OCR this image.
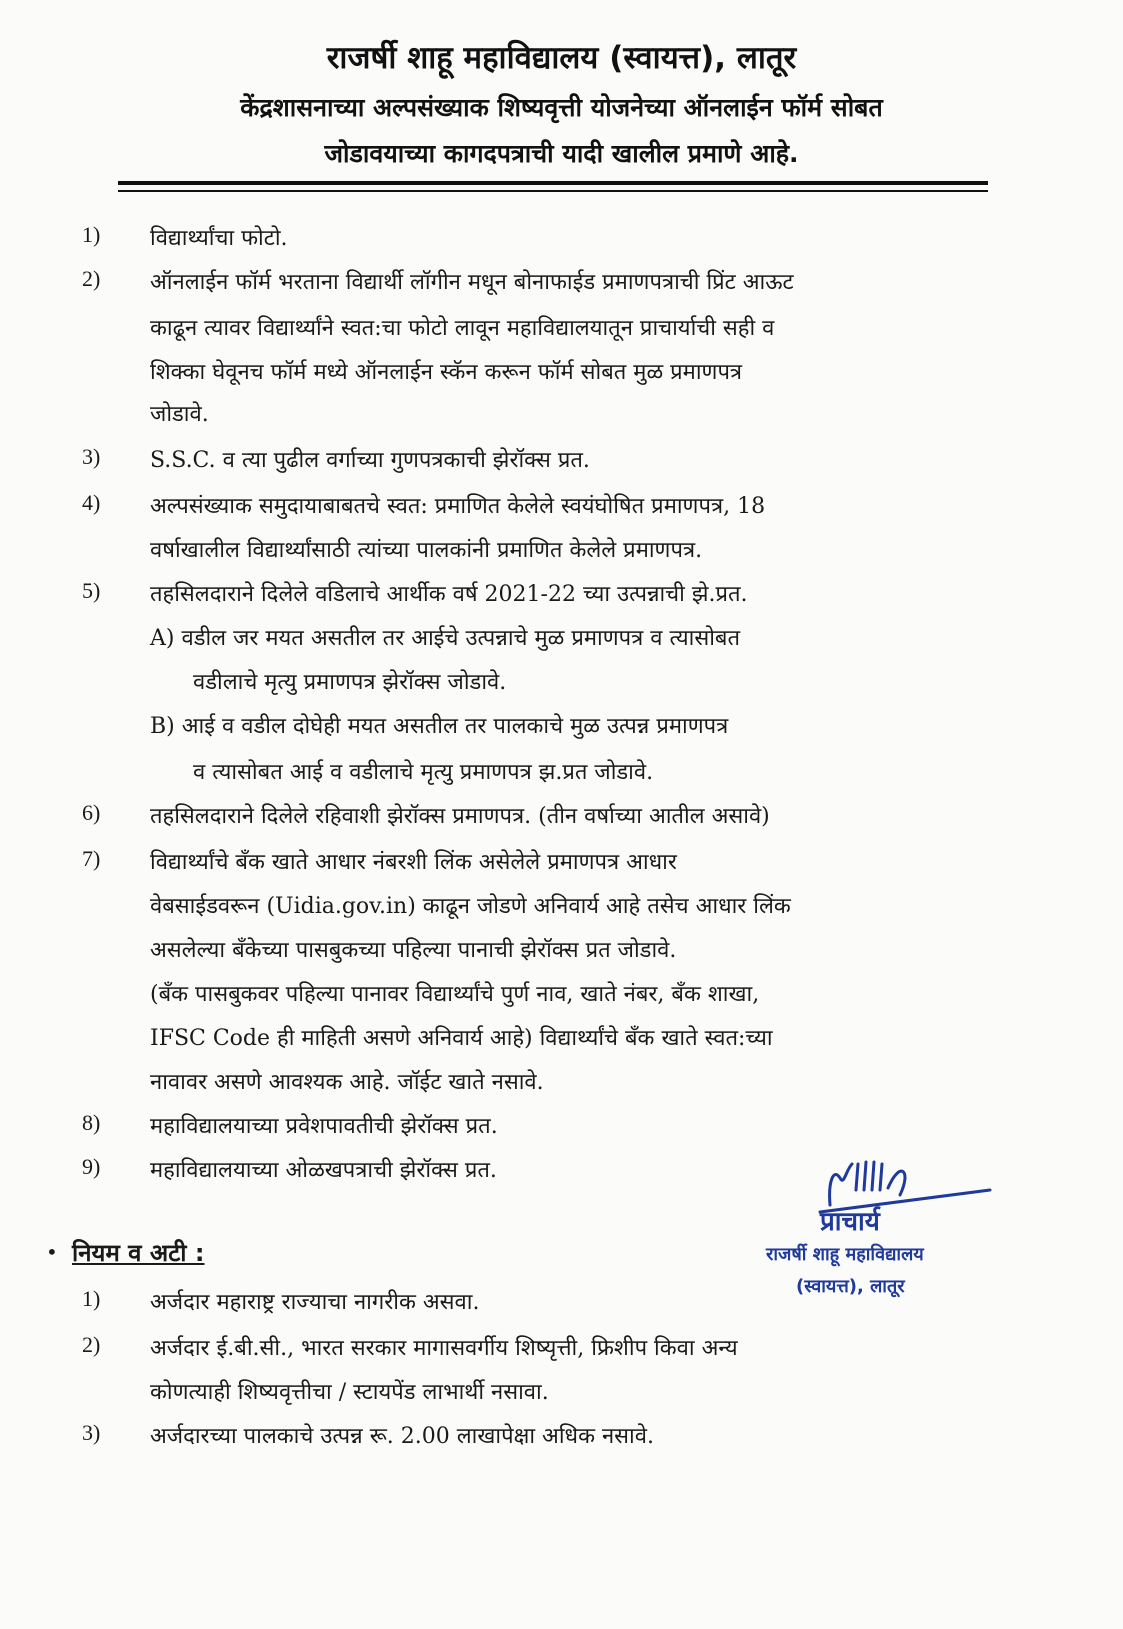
राजर्षी शाहू महाविद्यालय (स्वायत्त), लातूर
केंद्रशासनाच्या अल्पसंख्याक शिष्यवृत्ती योजनेच्या ऑनलाईन फॉर्म सोबत
जोडावयाच्या कागदपत्राची यादी खालील प्रमाणे आहे.
1) विद्यार्थ्यांचा फोटो.
2) ऑनलाईन फॉर्म भरताना विद्यार्थी लॉगीन मधून बोनाफाईड प्रमाणपत्राची प्रिंट आऊट
काढून त्यावर विद्यार्थ्यांने स्वत:चा फोटो लावून महाविद्यालयातून प्राचार्याची सही व
शिक्का घेवूनच फॉर्म मध्ये ऑनलाईन स्कॅन करून फॉर्म सोबत मुळ प्रमाणपत्र
जोडावे.
3) S.S.C. व त्या पुढील वर्गाच्या गुणपत्रकाची झेरॉक्स प्रत.
4) अल्पसंख्याक समुदायाबाबतचे स्वत: प्रमाणित केलेले स्वयंघोषित प्रमाणपत्र, 18
वर्षाखालील विद्यार्थ्यांसाठी त्यांच्या पालकांनी प्रमाणित केलेले प्रमाणपत्र.
5) तहसिलदाराने दिलेले वडिलाचे आर्थीक वर्ष 2021-22 च्या उत्पन्नाची झे.प्रत.
A) वडील जर मयत असतील तर आईचे उत्पन्नाचे मुळ प्रमाणपत्र व त्यासोबत
वडीलाचे मृत्यु प्रमाणपत्र झेरॉक्स जोडावे.
B) आई व वडील दोघेही मयत असतील तर पालकाचे मुळ उत्पन्न प्रमाणपत्र
व त्यासोबत आई व वडीलाचे मृत्यु प्रमाणपत्र झ.प्रत जोडावे.
6) तहसिलदाराने दिलेले रहिवाशी झेरॉक्स प्रमाणपत्र. (तीन वर्षाच्या आतील असावे)
7) विद्यार्थ्यांचे बँक खाते आधार नंबरशी लिंक असेलेले प्रमाणपत्र आधार
वेबसाईडवरून (Uidia.gov.in) काढून जोडणे अनिवार्य आहे तसेच आधार लिंक
असलेल्या बँकेच्या पासबुकच्या पहिल्या पानाची झेरॉक्स प्रत जोडावे.
(बँक पासबुकवर पहिल्या पानावर विद्यार्थ्यांचे पुर्ण नाव, खाते नंबर, बँक शाखा,
IFSC Code ही माहिती असणे अनिवार्य आहे) विद्यार्थ्यांचे बँक खाते स्वत:च्या
नावावर असणे आवश्यक आहे. जॉईट खाते नसावे.
8) महाविद्यालयाच्या प्रवेशपावतीची झेरॉक्स प्रत.
9) महाविद्यालयाच्या ओळखपत्राची झेरॉक्स प्रत.
• नियम व अटी :
1) अर्जदार महाराष्ट्र राज्याचा नागरीक असवा.
2) अर्जदार ई.बी.सी., भारत सरकार मागासवर्गीय शिष्यृत्ती, फ्रिशीप किवा अन्य
कोणत्याही शिष्यवृत्तीचा / स्टायपेंड लाभार्थी नसावा.
3) अर्जदारच्या पालकाचे उत्पन्न रू. 2.00 लाखापेक्षा अधिक नसावे.
प्राचार्य
राजर्षी शाहू महाविद्यालय
(स्वायत्त), लातूर
